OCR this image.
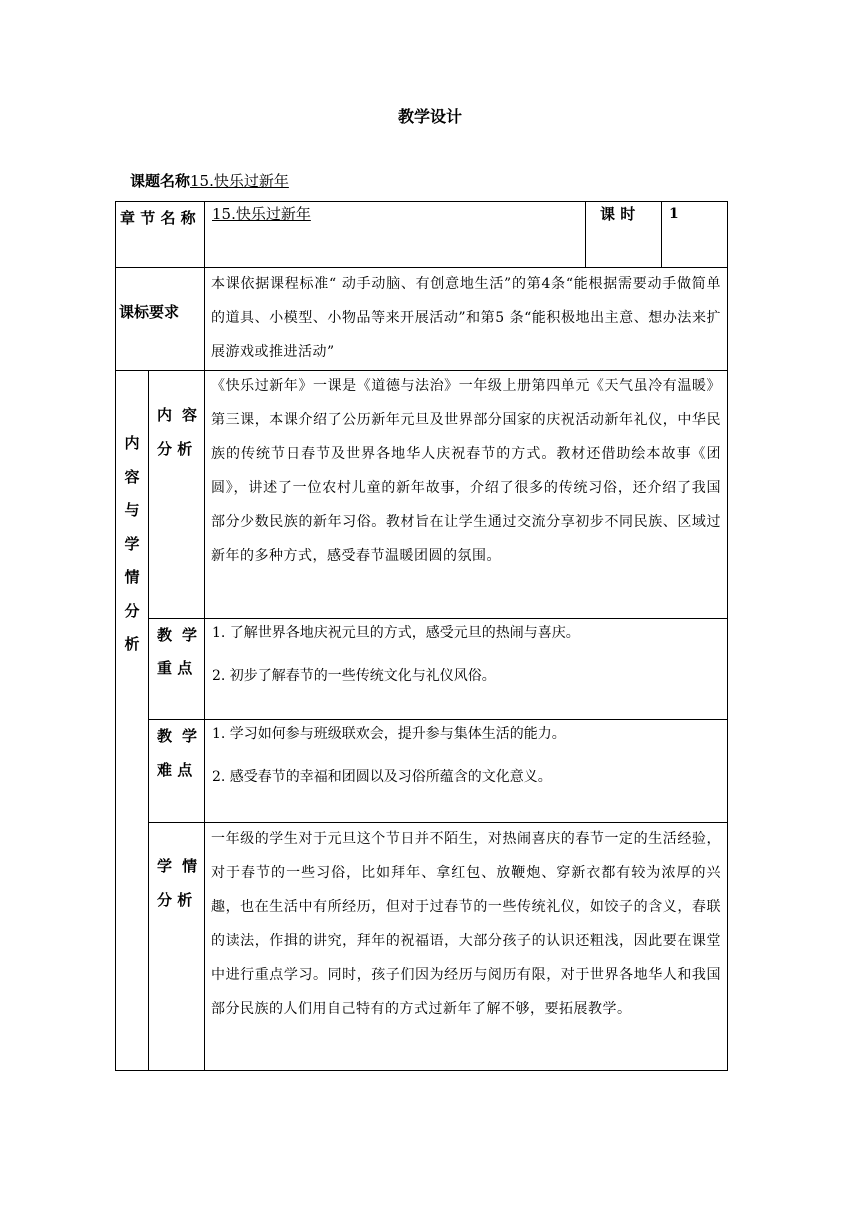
教学设计
课题名称15.快乐过新年
章 节 名 称 15.快乐过新年	课 时	1
课标要求
本课依据课程标准“ 动手动脑、有创意地生活”的第4条“能根据需要动手做简单的道具、小模型、小物品等来开展活动”和第5 条“能积极地出主意、想办法来扩展游戏或推进活动”
内容与学情分析
内 容 分 析
《快乐过新年》一课是《道德与法治》一年级上册第四单元《天气虽冷有温暖》第三课，本课介绍了公历新年元旦及世界部分国家的庆祝活动新年礼仪，中华民族的传统节日春节及世界各地华人庆祝春节的方式。教材还借助绘本故事《团圆》，讲述了一位农村儿童的新年故事，介绍了很多的传统习俗，还介绍了我国部分少数民族的新年习俗。教材旨在让学生通过交流分享初步不同民族、区域过新年的多种方式，感受春节温暖团圆的氛围。
教 学 重 点
1. 了解世界各地庆祝元旦的方式，感受元旦的热闹与喜庆。
2. 初步了解春节的一些传统文化与礼仪风俗。
教 学 难 点
1. 学习如何参与班级联欢会，提升参与集体生活的能力。
2. 感受春节的幸福和团圆以及习俗所蕴含的文化意义。
学 情 分 析
一年级的学生对于元旦这个节日并不陌生，对热闹喜庆的春节一定的生活经验，对于春节的一些习俗，比如拜年、拿红包、放鞭炮、穿新衣都有较为浓厚的兴趣，也在生活中有所经历，但对于过春节的一些传统礼仪，如饺子的含义，春联的读法，作揖的讲究，拜年的祝福语，大部分孩子的认识还粗浅，因此要在课堂中进行重点学习。同时，孩子们因为经历与阅历有限，对于世界各地华人和我国部分民族的人们用自己特有的方式过新年了解不够，要拓展教学。
